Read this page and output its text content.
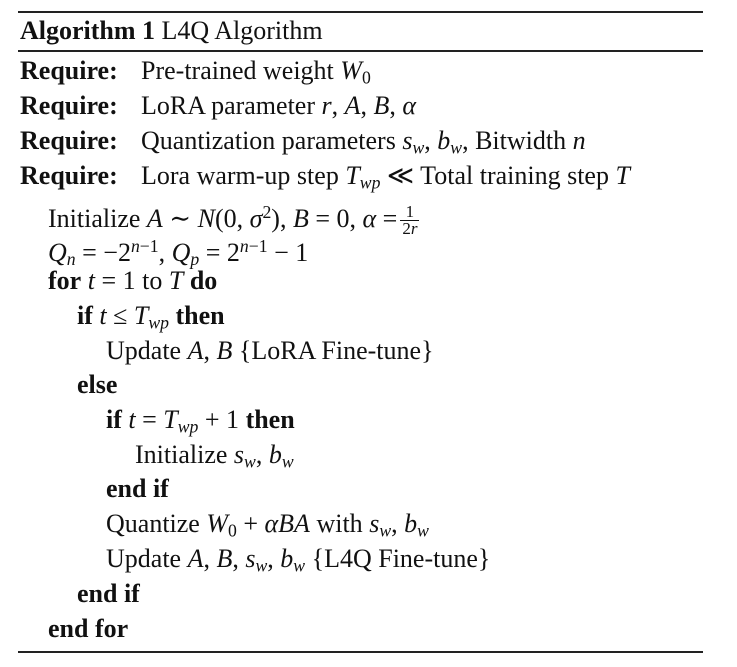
Algorithm 1 L4Q Algorithm
Require: Pre-trained weight $W_0$
Require: LoRA parameter r, A, B, α
Require: Quantization parameters $s_w$, $b_w$, Bitwidth n
Require: Lora warm-up step $T_{wp}$ ≪ Total training step T
Initialize A ∼ N(0, $\sigma^2$), B = 0, $\alpha = \frac{1}{2r}$
$Q_n = -2^{n-1}$, $Q_p = 2^{n-1} - 1$
for t = 1 to T do
if $t \le T_{wp}$ then
Update A, B {LoRA Fine-tune}
else
if $t = T_{wp} + 1$ then
Initialize $s_w$, $b_w$
end if
Quantize $W_0 + \alpha BA$ with $s_w$, $b_w$
Update A, B, $s_w$, $b_w$ {L4Q Fine-tune}
end if
end for
